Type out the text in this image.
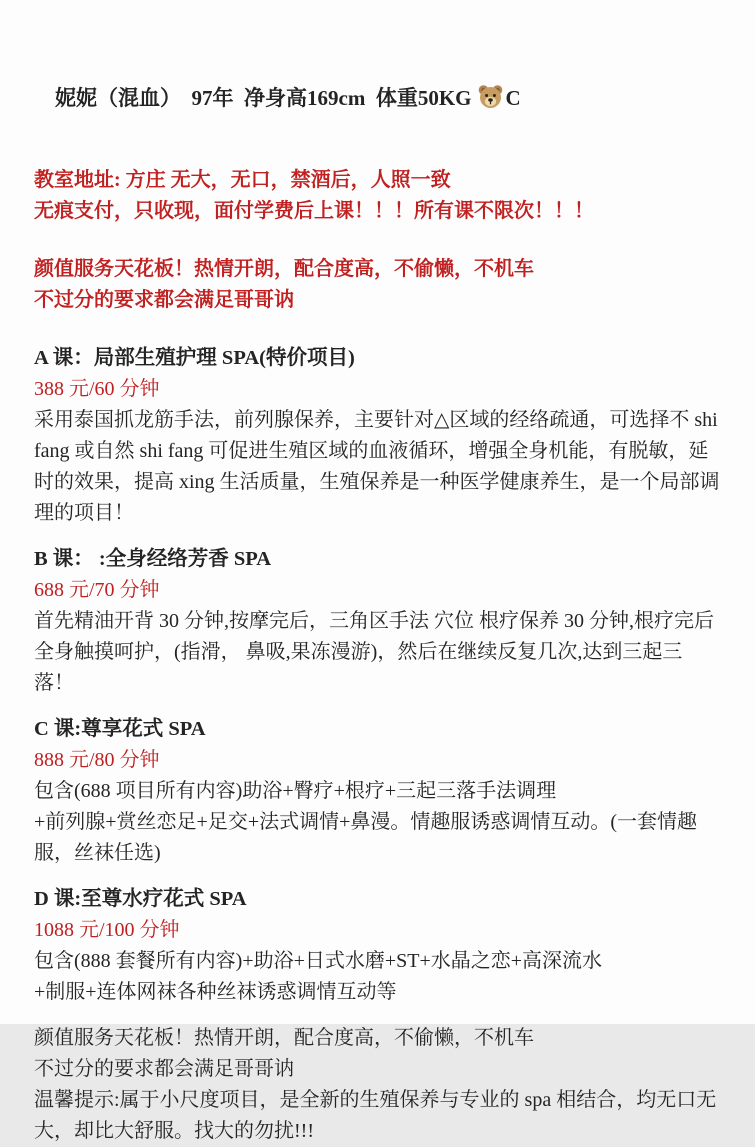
妮妮（混血）  97年  净身高169cm  体重50KG C

教室地址: 方庄 无大，无口，禁酒后，人照一致
无痕支付，只收现，面付学费后上课！！！所有课不限次！！！
颜值服务天花板！热情开朗，配合度高，不偷懒，不机车
不过分的要求都会满足哥哥讷
A 课：局部生殖护理 SPA(特价项目)
388 元/60 分钟
采用泰国抓龙筋手法，前列腺保养，主要针对△区域的经络疏通，可选择不 shi fang 或自然 shi fang 可促进生殖区域的血液循环，增强全身机能，有脱敏，延时的效果，提高 xing 生活质量，生殖保养是一种医学健康养生，是一个局部调理的项目！
B 课： :全身经络芳香 SPA
688 元/70 分钟
首先精油开背 30 分钟,按摩完后，三角区手法 穴位 根疗保养 30 分钟,根疗完后全身触摸呵护，(指滑， 鼻吸,果冻漫游)，然后在继续反复几次,达到三起三落！
C 课:尊享花式 SPA
888 元/80 分钟
包含(688 项目所有内容)助浴+臀疗+根疗+三起三落手法调理
+前列腺+赏丝恋足+足交+法式调情+鼻漫。情趣服诱惑调情互动。(一套情趣服，丝袜任选)
D 课:至尊水疗花式 SPA
1088 元/100 分钟
包含(888 套餐所有内容)+助浴+日式水磨+ST+水晶之恋+高深流水
+制服+连体网袜各种丝袜诱惑调情互动等
颜值服务天花板！热情开朗，配合度高，不偷懒，不机车
不过分的要求都会满足哥哥讷
温馨提示:属于小尺度项目，是全新的生殖保养与专业的 spa 相结合，均无口无大，却比大舒服。找大的勿扰!!!
